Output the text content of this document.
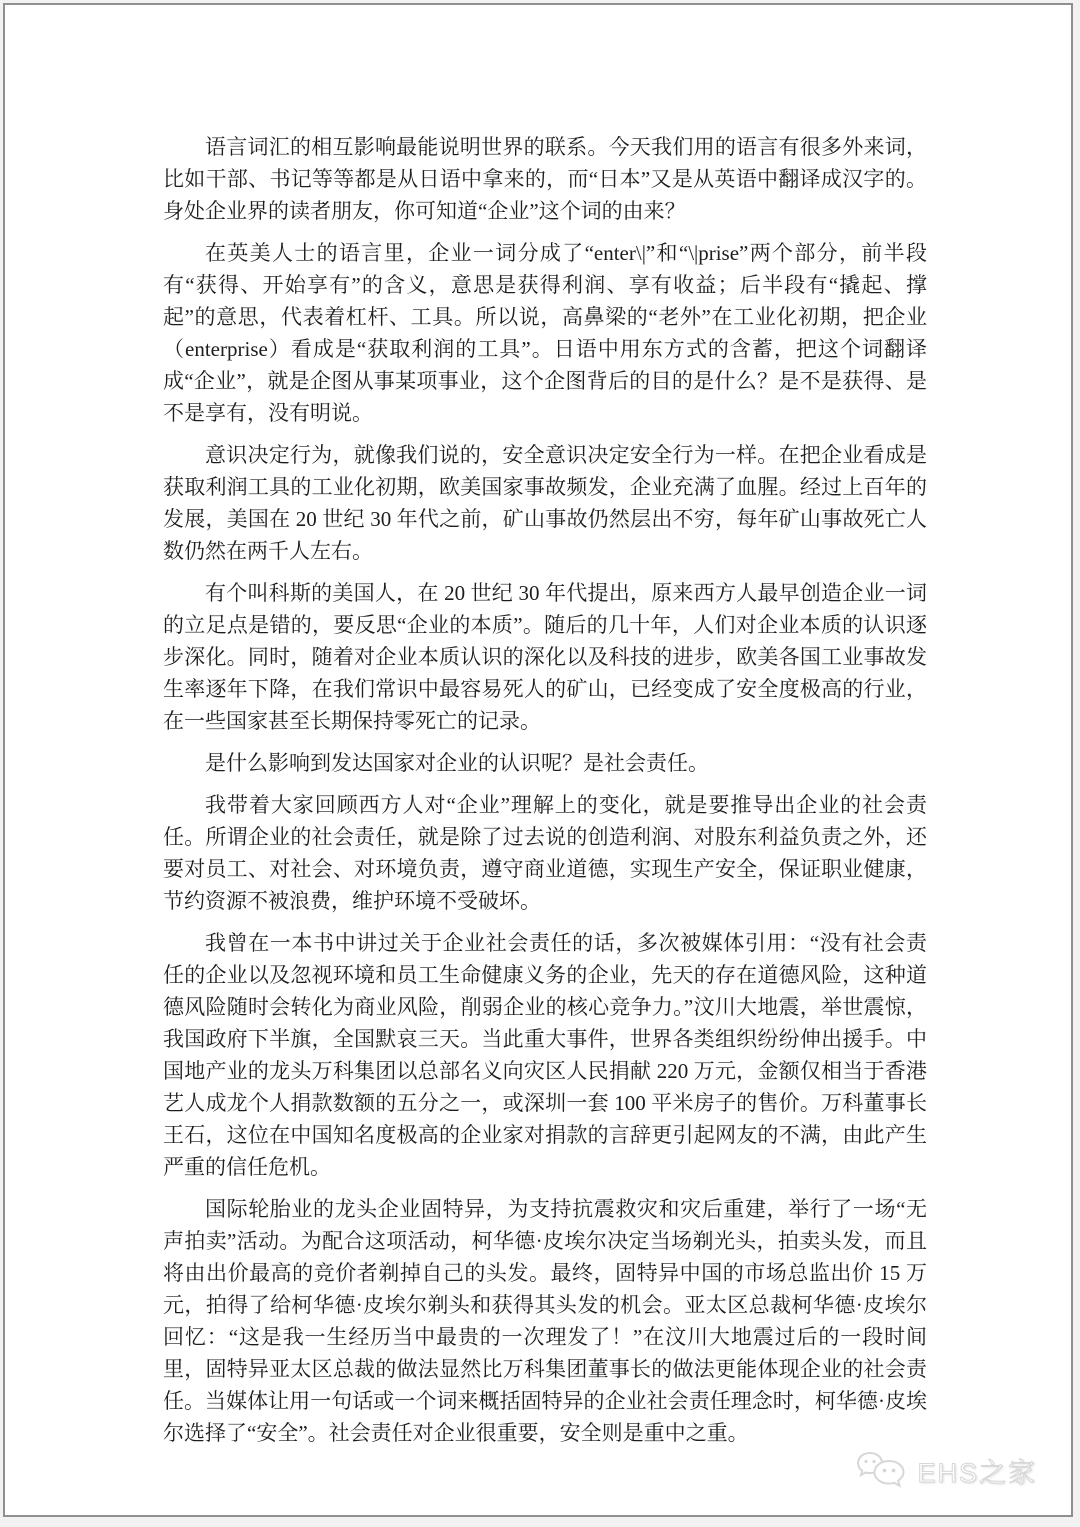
语言词汇的相互影响最能说明世界的联系。今天我们用的语言有很多外来词，比如干部、书记等等都是从日语中拿来的，而“日本”又是从英语中翻译成汉字的。身处企业界的读者朋友，你可知道“企业”这个词的由来？

在英美人士的语言里，企业一词分成了“enter\|”和“\|prise”两个部分，前半段有“获得、开始享有”的含义，意思是获得利润、享有收益；后半段有“撬起、撑起”的意思，代表着杠杆、工具。所以说，高鼻梁的“老外”在工业化初期，把企业（enterprise）看成是“获取利润的工具”。日语中用东方式的含蓄，把这个词翻译成“企业”，就是企图从事某项事业，这个企图背后的目的是什么？是不是获得、是不是享有，没有明说。

意识决定行为，就像我们说的，安全意识决定安全行为一样。在把企业看成是获取利润工具的工业化初期，欧美国家事故频发，企业充满了血腥。经过上百年的发展，美国在 20 世纪 30 年代之前，矿山事故仍然层出不穷，每年矿山事故死亡人数仍然在两千人左右。

有个叫科斯的美国人，在 20 世纪 30 年代提出，原来西方人最早创造企业一词的立足点是错的，要反思“企业的本质”。随后的几十年，人们对企业本质的认识逐步深化。同时，随着对企业本质认识的深化以及科技的进步，欧美各国工业事故发生率逐年下降，在我们常识中最容易死人的矿山，已经变成了安全度极高的行业，在一些国家甚至长期保持零死亡的记录。

是什么影响到发达国家对企业的认识呢？是社会责任。

我带着大家回顾西方人对“企业”理解上的变化，就是要推导出企业的社会责任。所谓企业的社会责任，就是除了过去说的创造利润、对股东利益负责之外，还要对员工、对社会、对环境负责，遵守商业道德，实现生产安全，保证职业健康，节约资源不被浪费，维护环境不受破坏。

我曾在一本书中讲过关于企业社会责任的话，多次被媒体引用：“没有社会责任的企业以及忽视环境和员工生命健康义务的企业，先天的存在道德风险，这种道德风险随时会转化为商业风险，削弱企业的核心竞争力。”汶川大地震，举世震惊，我国政府下半旗，全国默哀三天。当此重大事件，世界各类组织纷纷伸出援手。中国地产业的龙头万科集团以总部名义向灾区人民捐献 220 万元，金额仅相当于香港艺人成龙个人捐款数额的五分之一，或深圳一套 100 平米房子的售价。万科董事长王石，这位在中国知名度极高的企业家对捐款的言辞更引起网友的不满，由此产生严重的信任危机。

国际轮胎业的龙头企业固特异，为支持抗震救灾和灾后重建，举行了一场“无声拍卖”活动。为配合这项活动，柯华德·皮埃尔决定当场剃光头，拍卖头发，而且将由出价最高的竞价者剃掉自己的头发。最终，固特异中国的市场总监出价 15 万元，拍得了给柯华德·皮埃尔剃头和获得其头发的机会。亚太区总裁柯华德·皮埃尔回忆：“这是我一生经历当中最贵的一次理发了！”在汶川大地震过后的一段时间里，固特异亚太区总裁的做法显然比万科集团董事长的做法更能体现企业的社会责任。当媒体让用一句话或一个词来概括固特异的企业社会责任理念时，柯华德·皮埃尔选择了“安全”。社会责任对企业很重要，安全则是重中之重。

EHS之家
